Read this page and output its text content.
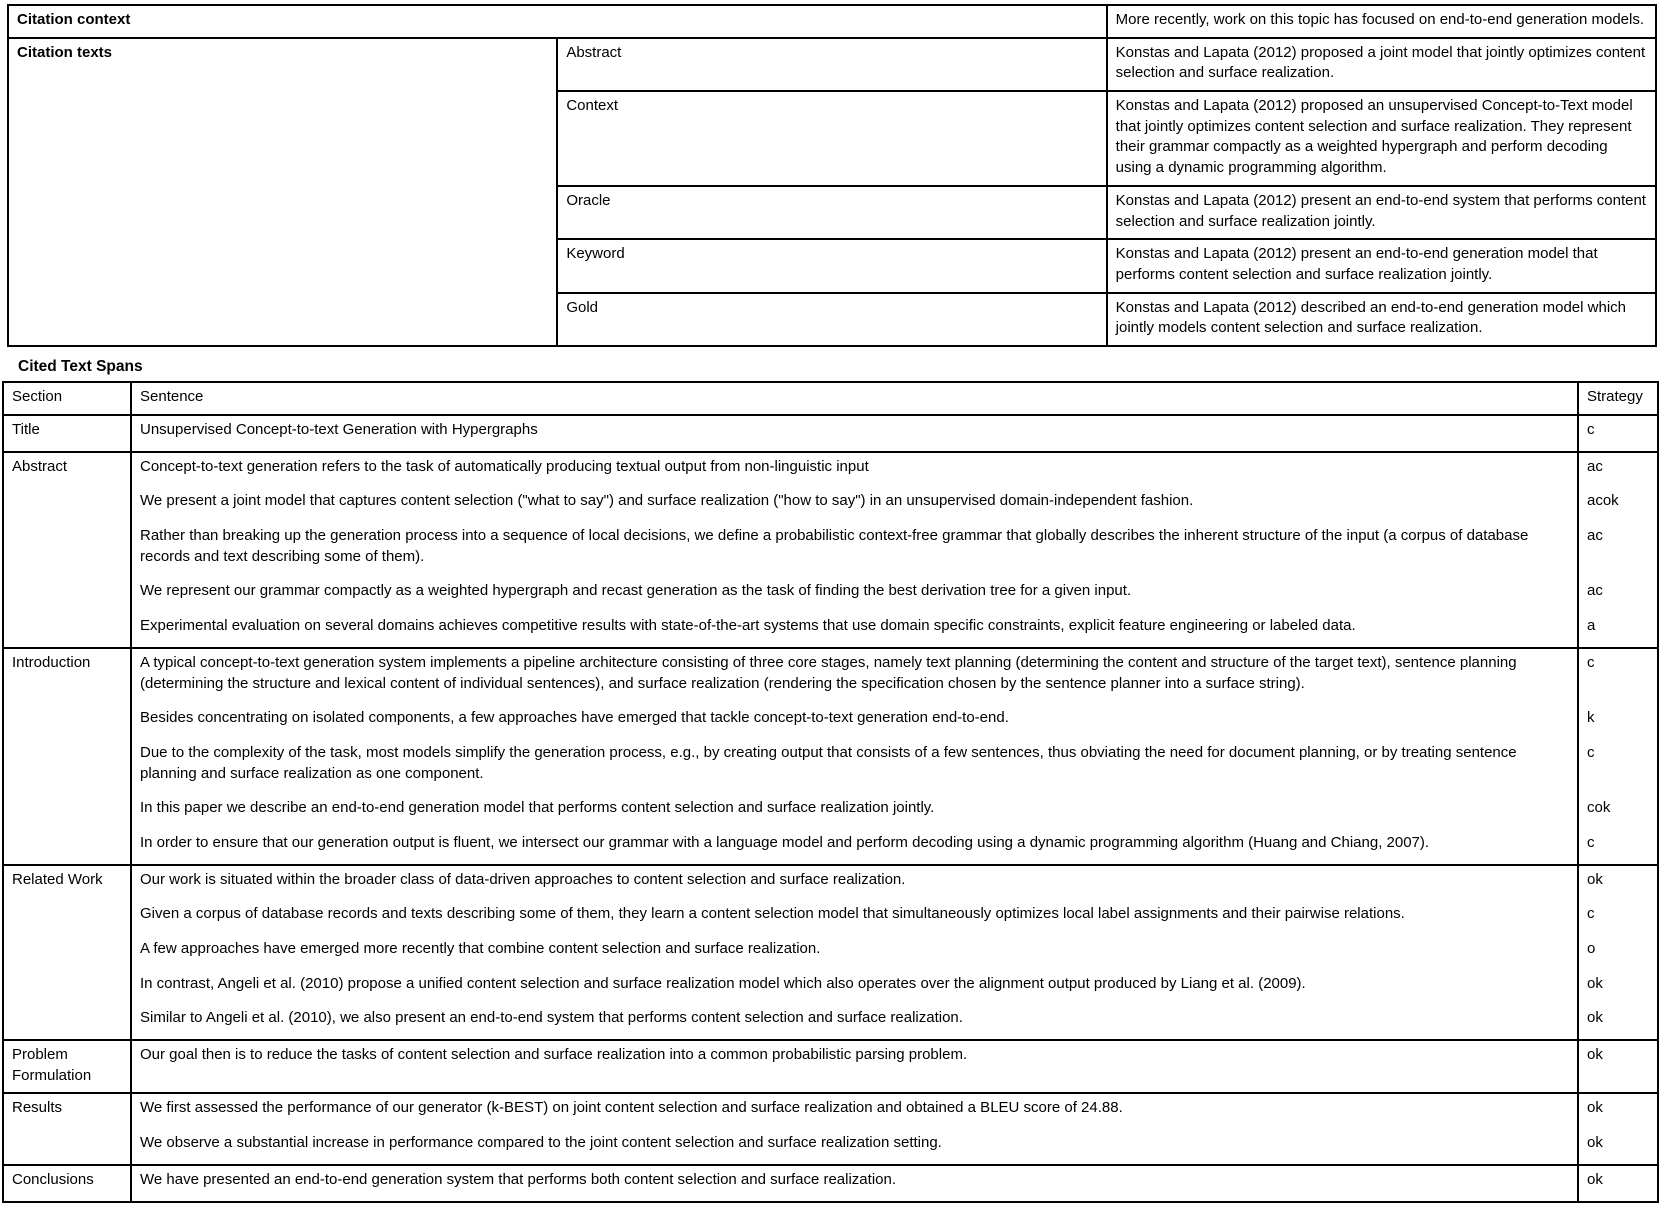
Citation context		More recently, work on this topic has focused on end-to-end generation models.
Citation texts	Abstract	Konstas and Lapata (2012) proposed a joint model that jointly optimizes content selection and surface realization.
	Context	Konstas and Lapata (2012) proposed an unsupervised Concept-to-Text model that jointly optimizes content selection and surface realization. They represent their grammar compactly as a weighted hypergraph and perform decoding using a dynamic programming algorithm.
	Oracle	Konstas and Lapata (2012) present an end-to-end system that performs content selection and surface realization jointly.
	Keyword	Konstas and Lapata (2012) present an end-to-end generation model that performs content selection and surface realization jointly.
	Gold	Konstas and Lapata (2012) described an end-to-end generation model which jointly models content selection and surface realization.
Cited Text Spans
Section	Sentence	Strategy
Title	Unsupervised Concept-to-text Generation with Hypergraphs	c
Abstract	Concept-to-text generation refers to the task of automatically producing textual output from non-linguistic input	ac
	We present a joint model that captures content selection ("what to say") and surface realization ("how to say") in an unsupervised domain-independent fashion.	acok
	Rather than breaking up the generation process into a sequence of local decisions, we define a probabilistic context-free grammar that globally describes the inherent structure of the input (a corpus of database records and text describing some of them).	ac
	We represent our grammar compactly as a weighted hypergraph and recast generation as the task of finding the best derivation tree for a given input.	ac
	Experimental evaluation on several domains achieves competitive results with state-of-the-art systems that use domain specific constraints, explicit feature engineering or labeled data.	a
Introduction	A typical concept-to-text generation system implements a pipeline architecture consisting of three core stages, namely text planning (determining the content and structure of the target text), sentence planning (determining the structure and lexical content of individual sentences), and surface realization (rendering the specification chosen by the sentence planner into a surface string).	c
	Besides concentrating on isolated components, a few approaches have emerged that tackle concept-to-text generation end-to-end.	k
	Due to the complexity of the task, most models simplify the generation process, e.g., by creating output that consists of a few sentences, thus obviating the need for document planning, or by treating sentence planning and surface realization as one component.	c
	In this paper we describe an end-to-end generation model that performs content selection and surface realization jointly.	cok
	In order to ensure that our generation output is fluent, we intersect our grammar with a language model and perform decoding using a dynamic programming algorithm (Huang and Chiang, 2007).	c
Related Work	Our work is situated within the broader class of data-driven approaches to content selection and surface realization.	ok
	Given a corpus of database records and texts describing some of them, they learn a content selection model that simultaneously optimizes local label assignments and their pairwise relations.	c
	A few approaches have emerged more recently that combine content selection and surface realization.	o
	In contrast, Angeli et al. (2010) propose a unified content selection and surface realization model which also operates over the alignment output produced by Liang et al. (2009).	ok
	Similar to Angeli et al. (2010), we also present an end-to-end system that performs content selection and surface realization.	ok
Problem Formulation	Our goal then is to reduce the tasks of content selection and surface realization into a common probabilistic parsing problem.	ok
Results	We first assessed the performance of our generator (k-BEST) on joint content selection and surface realization and obtained a BLEU score of 24.88.	ok
	We observe a substantial increase in performance compared to the joint content selection and surface realization setting.	ok
Conclusions	We have presented an end-to-end generation system that performs both content selection and surface realization.	ok
